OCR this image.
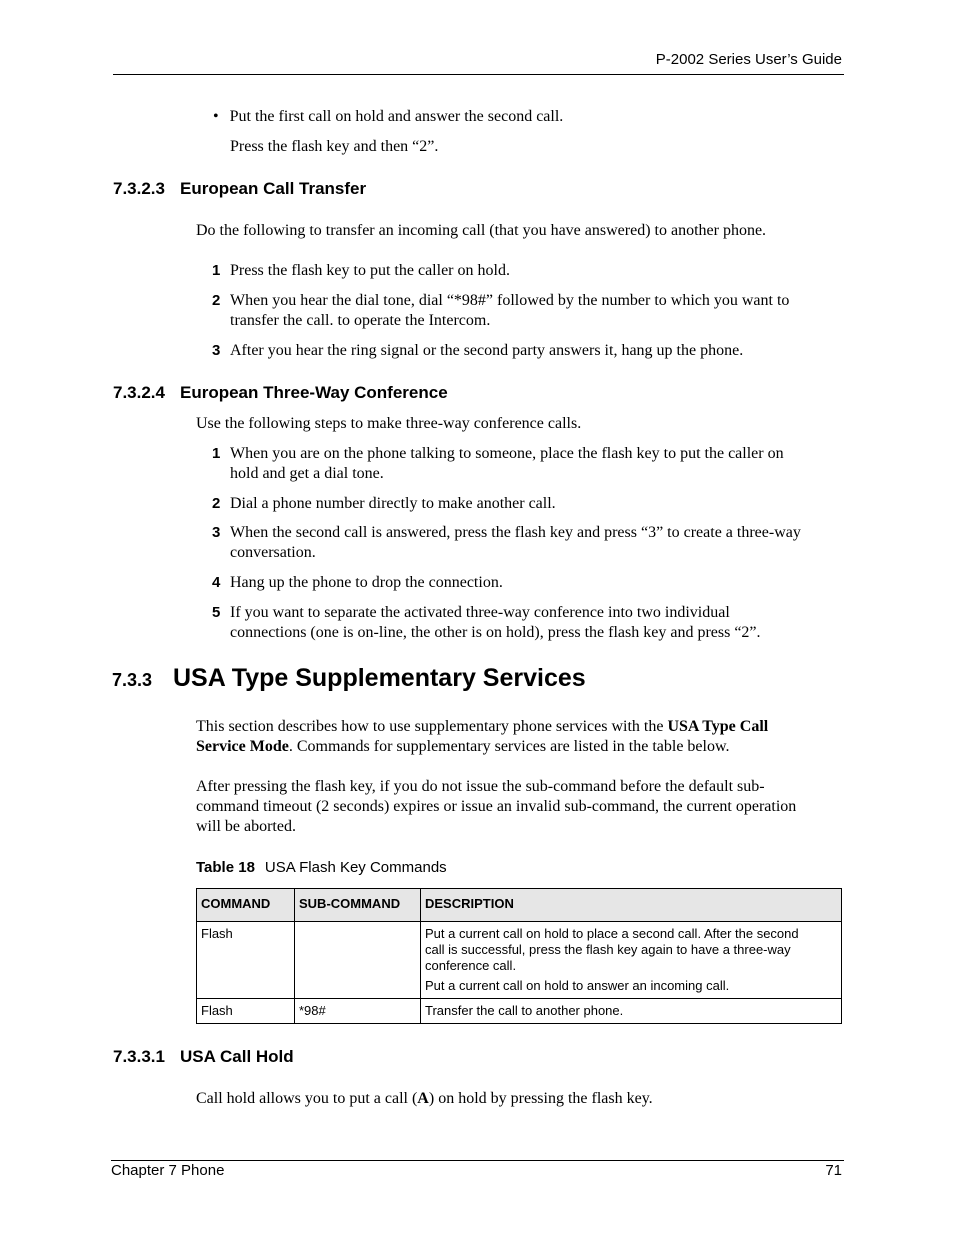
P-2002 Series User’s Guide
• Put the first call on hold and answer the second call.
Press the flash key and then “2”.
7.3.2.3 European Call Transfer
Do the following to transfer an incoming call (that you have answered) to another phone.
1 Press the flash key to put the caller on hold.
2 When you hear the dial tone, dial “*98#” followed by the number to which you want to
transfer the call. to operate the Intercom.
3 After you hear the ring signal or the second party answers it, hang up the phone.
7.3.2.4 European Three-Way Conference
Use the following steps to make three-way conference calls.
1 When you are on the phone talking to someone, place the flash key to put the caller on
hold and get a dial tone.
2 Dial a phone number directly to make another call.
3 When the second call is answered, press the flash key and press “3” to create a three-way
conversation.
4 Hang up the phone to drop the connection.
5 If you want to separate the activated three-way conference into two individual
connections (one is on-line, the other is on hold), press the flash key and press “2”.
7.3.3 USA Type Supplementary Services
This section describes how to use supplementary phone services with the USA Type Call
Service Mode. Commands for supplementary services are listed in the table below.
After pressing the flash key, if you do not issue the sub-command before the default sub-
command timeout (2 seconds) expires or issue an invalid sub-command, the current operation
will be aborted.
Table 18 USA Flash Key Commands
COMMAND	SUB-COMMAND	DESCRIPTION
Flash		Put a current call on hold to place a second call. After the second
call is successful, press the flash key again to have a three-way
conference call.

Put a current call on hold to answer an incoming call.

Flash	*98#	Transfer the call to another phone.
7.3.3.1 USA Call Hold
Call hold allows you to put a call (A) on hold by pressing the flash key.
Chapter 7 Phone	71
